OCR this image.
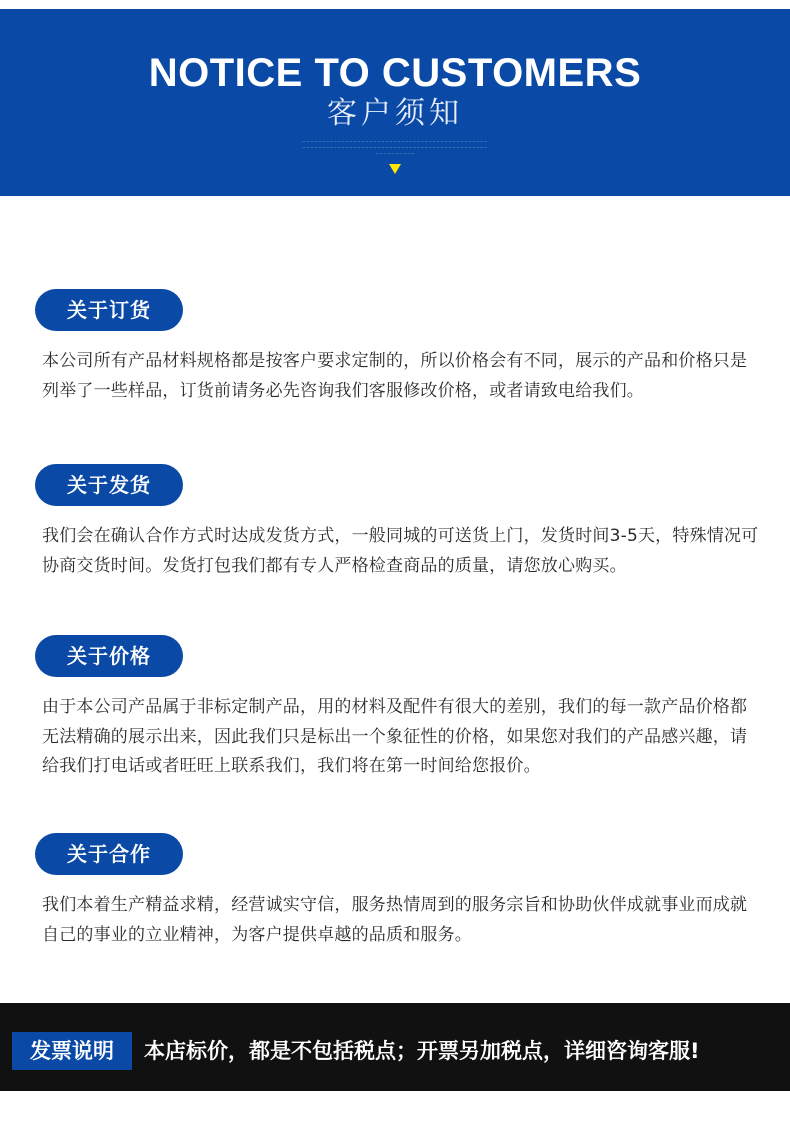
NOTICE TO CUSTOMERS
客户须知
~~~~~~~~~~~~~~~~~~~~~~~~~~~~~~~~~~~~~~~~~~~~~~~
~~~~~~~~~~~~~~~~~~~~~~~~~~~~~~~~~~~~~~~~~~~~~~~
~~~~~~~~~~
关于订货
本公司所有产品材料规格都是按客户要求定制的，所以价格会有不同，展示的产品和价格只是列举了一些样品，订货前请务必先咨询我们客服修改价格，或者请致电给我们。
关于发货
我们会在确认合作方式时达成发货方式，一般同城的可送货上门，发货时间3-5天，特殊情况可协商交货时间。发货打包我们都有专人严格检查商品的质量，请您放心购买。
关于价格
由于本公司产品属于非标定制产品，用的材料及配件有很大的差别，我们的每一款产品价格都无法精确的展示出来，因此我们只是标出一个象征性的价格，如果您对我们的产品感兴趣，请给我们打电话或者旺旺上联系我们，我们将在第一时间给您报价。
关于合作
我们本着生产精益求精，经营诚实守信，服务热情周到的服务宗旨和协助伙伴成就事业而成就自己的事业的立业精神，为客户提供卓越的品质和服务。
发票说明	本店标价，都是不包括税点；开票另加税点，详细咨询客服!
